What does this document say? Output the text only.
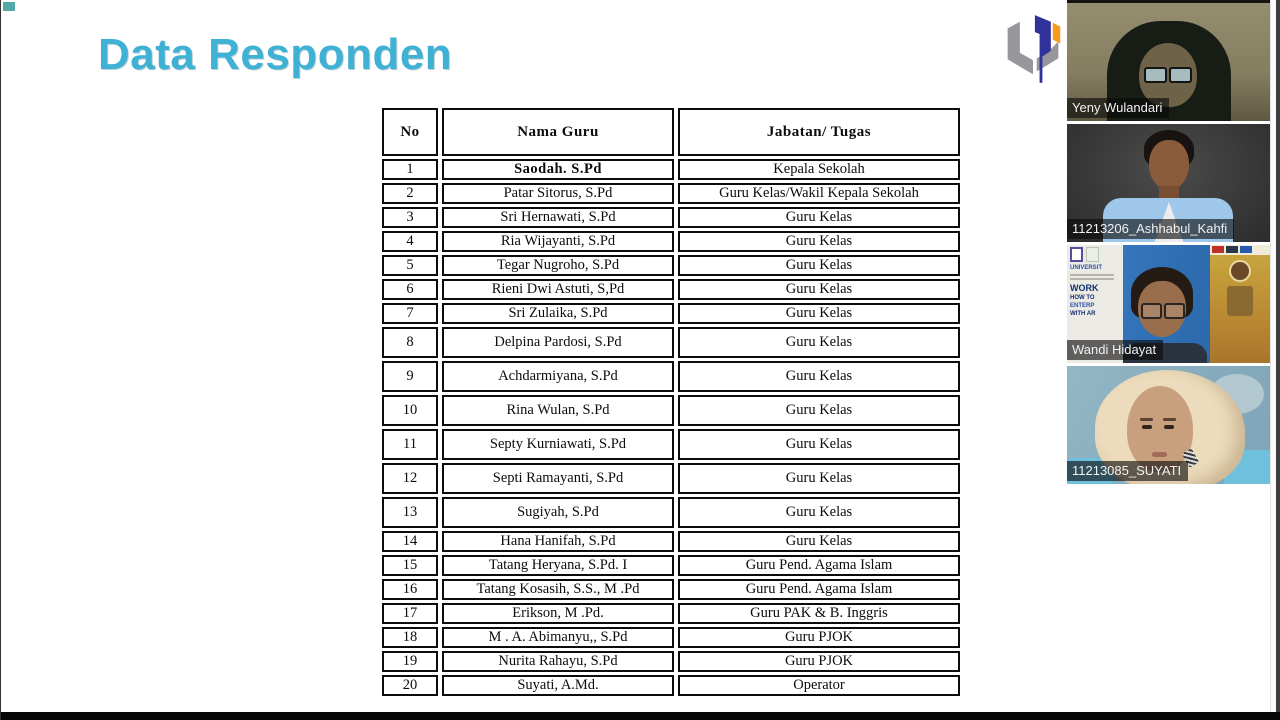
Data Responden
No	Nama Guru	Jabatan/ Tugas
1	Saodah. S.Pd	Kepala Sekolah
2	Patar Sitorus, S.Pd	Guru Kelas/Wakil Kepala Sekolah
3	Sri Hernawati, S.Pd	Guru Kelas
4	Ria Wijayanti, S.Pd	Guru Kelas
5	Tegar Nugroho, S.Pd	Guru Kelas
6	Rieni Dwi Astuti, S,Pd	Guru Kelas
7	Sri Zulaika, S.Pd	Guru Kelas
8	Delpina Pardosi, S.Pd	Guru Kelas
9	Achdarmiyana, S.Pd	Guru Kelas
10	Rina Wulan, S.Pd	Guru Kelas
11	Septy Kurniawati, S.Pd	Guru Kelas
12	Septi Ramayanti, S.Pd	Guru Kelas
13	Sugiyah, S.Pd	Guru Kelas
14	Hana Hanifah, S.Pd	Guru Kelas
15	Tatang Heryana, S.Pd. I	Guru Pend. Agama Islam
16	Tatang Kosasih, S.S., M .Pd	Guru Pend. Agama Islam
17	Erikson, M .Pd.	Guru PAK & B. Inggris
18	M . A. Abimanyu,, S.Pd	Guru PJOK
19	Nurita Rahayu, S.Pd	Guru PJOK
20	Suyati, A.Md.	Operator
Yeny Wulandari
11213206_Ashhabul_Kahfi
UNIVERSIT
WORK
HOW TO
ENTERP
WITH AR
Wandi Hidayat
11213085_SUYATI
